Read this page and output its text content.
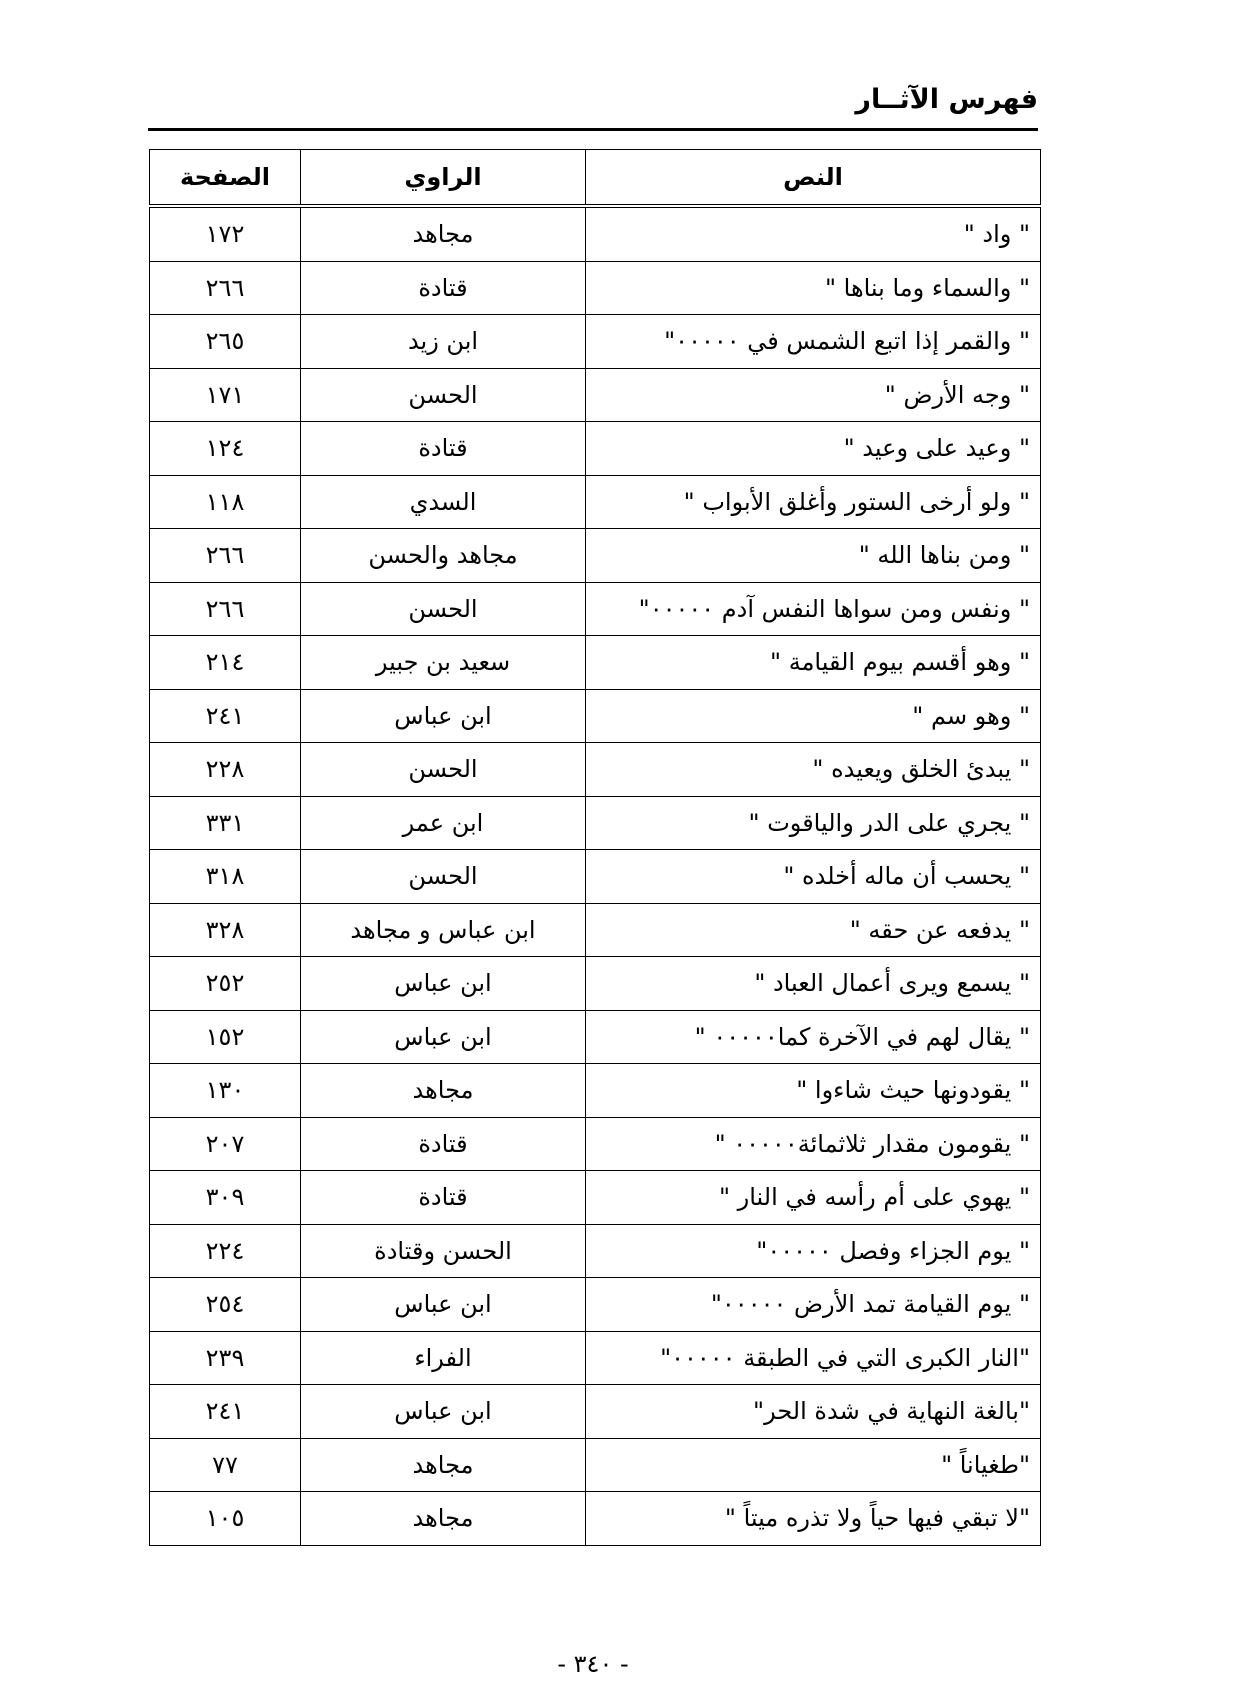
فهرس الآثــار
النص	الراوي	الصفحة
" واد "	مجاهد	١٧٢
" والسماء وما بناها "	قتادة	٢٦٦
" والقمر إذا اتبع الشمس في ٠٠٠٠٠"	ابن زيد	٢٦٥
" وجه الأرض "	الحسن	١٧١
" وعيد على وعيد "	قتادة	١٢٤
" ولو أرخى الستور وأغلق الأبواب "	السدي	١١٨
" ومن بناها الله "	مجاهد والحسن	٢٦٦
" ونفس ومن سواها النفس آدم ٠٠٠٠٠"	الحسن	٢٦٦
" وهو أقسم بيوم القيامة "	سعيد بن جبير	٢١٤
" وهو سم "	ابن عباس	٢٤١
" يبدئ الخلق ويعيده "	الحسن	٢٢٨
" يجري على الدر والياقوت "	ابن عمر	٣٣١
" يحسب أن ماله أخلده "	الحسن	٣١٨
" يدفعه عن حقه "	ابن عباس و مجاهد	٣٢٨
" يسمع ويرى أعمال العباد "	ابن عباس	٢٥٢
" يقال لهم في الآخرة كما٠٠٠٠٠ "	ابن عباس	١٥٢
" يقودونها حيث شاءوا "	مجاهد	١٣٠
" يقومون مقدار ثلاثمائة٠٠٠٠٠ "	قتادة	٢٠٧
" يهوي على أم رأسه في النار "	قتادة	٣٠٩
" يوم الجزاء وفصل ٠٠٠٠٠"	الحسن وقتادة	٢٢٤
" يوم القيامة تمد الأرض ٠٠٠٠٠"	ابن عباس	٢٥٤
"النار الكبرى التي في الطبقة ٠٠٠٠٠"	الفراء	٢٣٩
"بالغة النهاية في شدة الحر"	ابن عباس	٢٤١
"طغياناً "	مجاهد	٧٧
"لا تبقي فيها حياً ولا تذره ميتاً "	مجاهد	١٠٥
- ٣٤٠ -
